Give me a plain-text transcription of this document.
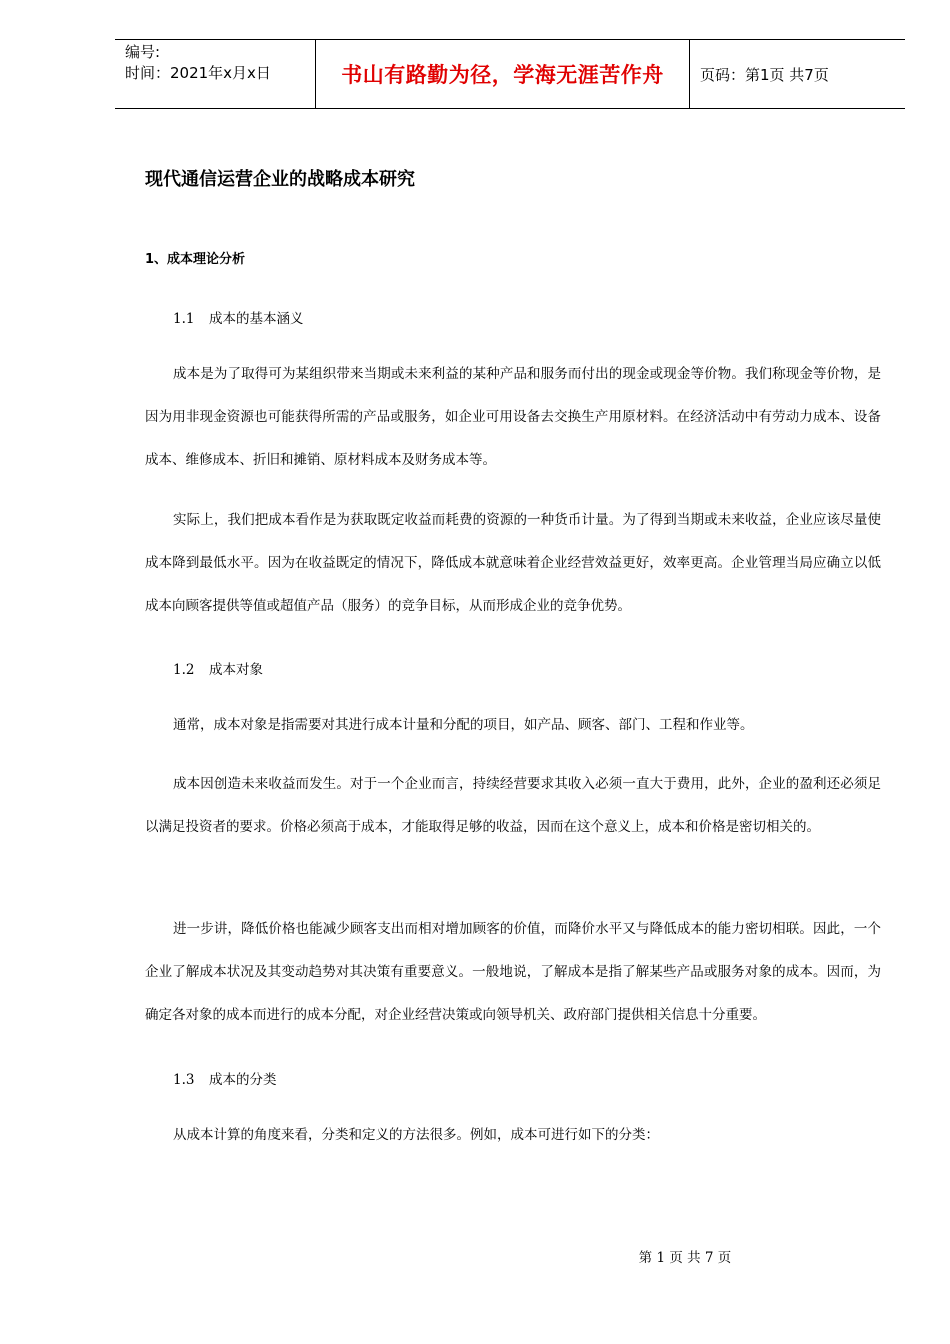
编号:
时间：2021年x月x日	书山有路勤为径，学海无涯苦作舟	页码：第1页 共7页
现代通信运营企业的战略成本研究
1、成本理论分析
1.1 成本的基本涵义
成本是为了取得可为某组织带来当期或未来利益的某种产品和服务而付出的现金或现金等价物。我们称现金等价物，是因为用非现金资源也可能获得所需的产品或服务，如企业可用设备去交换生产用原材料。在经济活动中有劳动力成本、设备成本、维修成本、折旧和摊销、原材料成本及财务成本等。
实际上，我们把成本看作是为获取既定收益而耗费的资源的一种货币计量。为了得到当期或未来收益，企业应该尽量使成本降到最低水平。因为在收益既定的情况下，降低成本就意味着企业经营效益更好，效率更高。企业管理当局应确立以低成本向顾客提供等值或超值产品（服务）的竞争目标，从而形成企业的竞争优势。
1.2 成本对象
通常，成本对象是指需要对其进行成本计量和分配的项目，如产品、顾客、部门、工程和作业等。
成本因创造未来收益而发生。对于一个企业而言，持续经营要求其收入必须一直大于费用，此外，企业的盈利还必须足以满足投资者的要求。价格必须高于成本，才能取得足够的收益，因而在这个意义上，成本和价格是密切相关的。
进一步讲，降低价格也能减少顾客支出而相对增加顾客的价值，而降价水平又与降低成本的能力密切相联。因此，一个企业了解成本状况及其变动趋势对其决策有重要意义。一般地说，了解成本是指了解某些产品或服务对象的成本。因而，为确定各对象的成本而进行的成本分配，对企业经营决策或向领导机关、政府部门提供相关信息十分重要。
1.3 成本的分类
从成本计算的角度来看，分类和定义的方法很多。例如，成本可进行如下的分类：
第 1 页 共 7 页
